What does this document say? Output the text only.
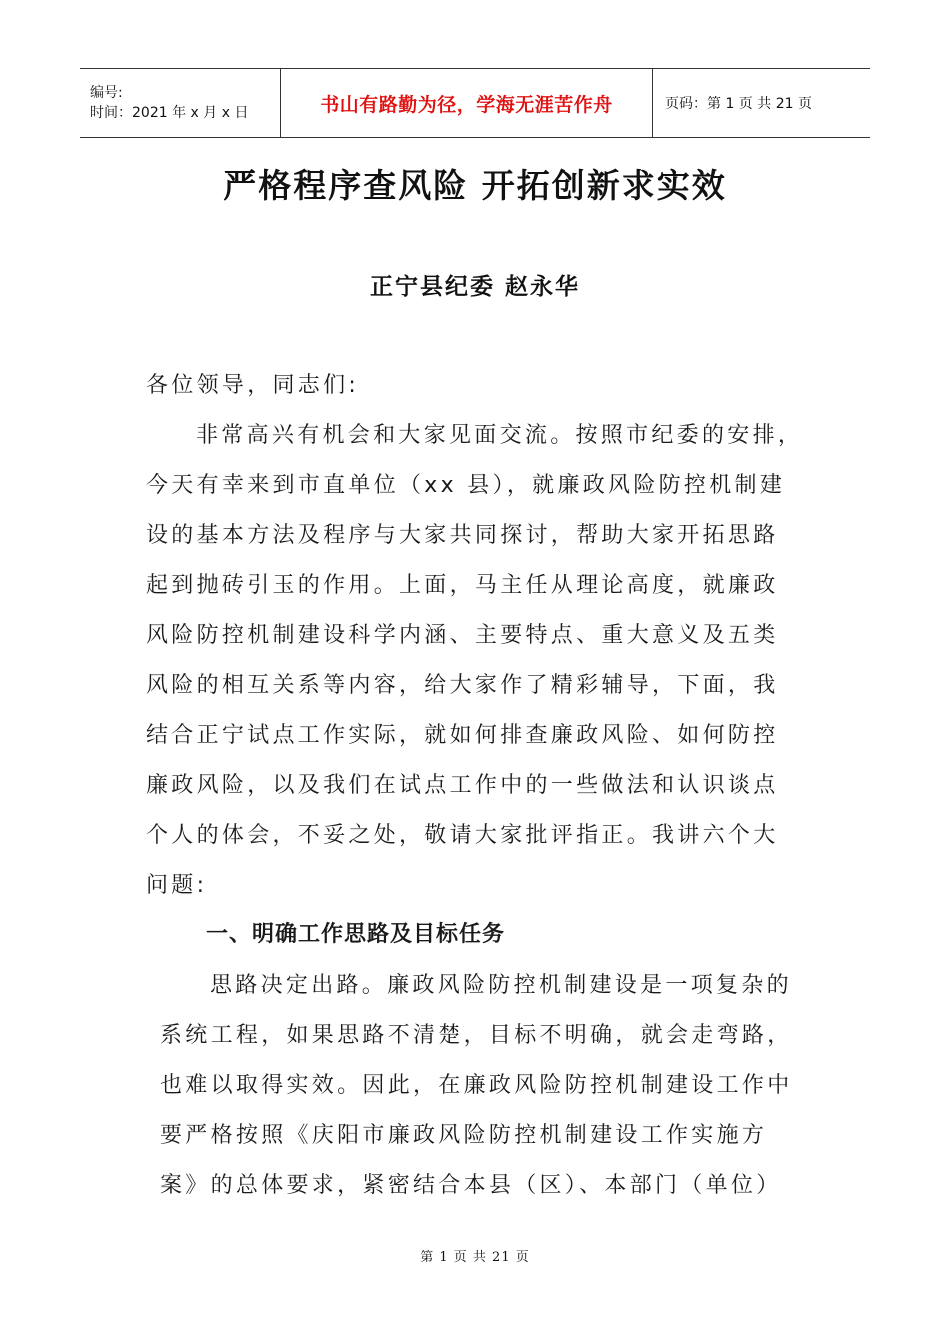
编号:
时间：2021 年 x 月 x 日	书山有路勤为径，学海无涯苦作舟	页码：第 1 页 共 21 页
严格程序查风险 开拓创新求实效
正宁县纪委 赵永华
各位领导，同志们:
非常高兴有机会和大家见面交流。按照市纪委的安排，
今天有幸来到市直单位（xx 县），就廉政风险防控机制建
设的基本方法及程序与大家共同探讨，帮助大家开拓思路
起到抛砖引玉的作用。上面，马主任从理论高度，就廉政
风险防控机制建设科学内涵、主要特点、重大意义及五类
风险的相互关系等内容，给大家作了精彩辅导，下面，我
结合正宁试点工作实际，就如何排查廉政风险、如何防控
廉政风险，以及我们在试点工作中的一些做法和认识谈点
个人的体会，不妥之处，敬请大家批评指正。我讲六个大
问题:
一、明确工作思路及目标任务
思路决定出路。廉政风险防控机制建设是一项复杂的
系统工程，如果思路不清楚，目标不明确，就会走弯路，
也难以取得实效。因此，在廉政风险防控机制建设工作中
要严格按照《庆阳市廉政风险防控机制建设工作实施方
案》的总体要求，紧密结合本县（区）、本部门（单位）
第 1 页 共 21 页
